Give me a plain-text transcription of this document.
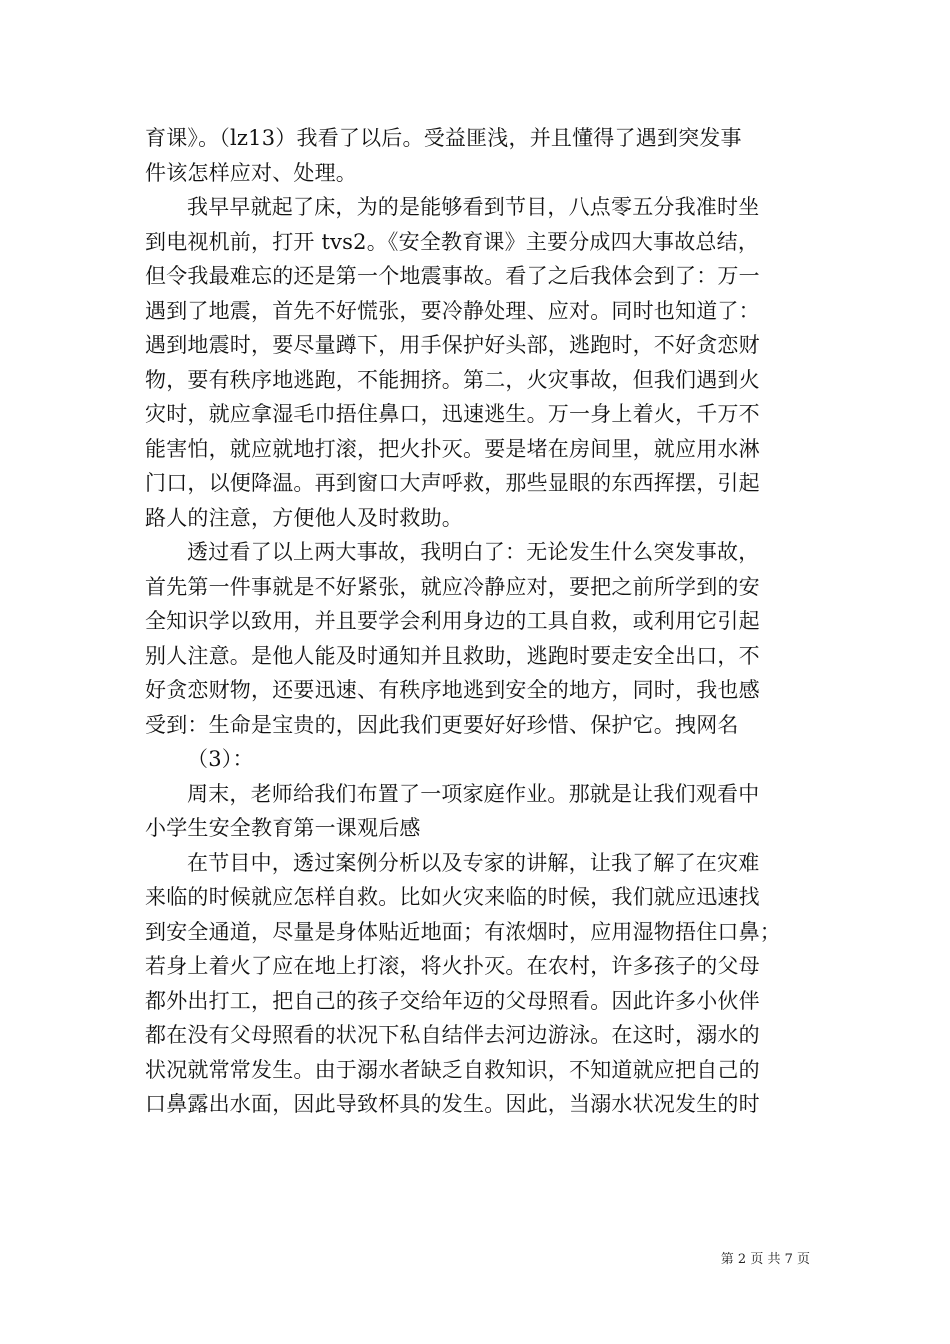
育课》。（lz13）我看了以后。受益匪浅，并且懂得了遇到突发事
件该怎样应对、处理。
我早早就起了床，为的是能够看到节目，八点零五分我准时坐
到电视机前，打开 tvs2。《安全教育课》主要分成四大事故总结，
但令我最难忘的还是第一个地震事故。看了之后我体会到了：万一
遇到了地震，首先不好慌张，要冷静处理、应对。同时也知道了：
遇到地震时，要尽量蹲下，用手保护好头部，逃跑时，不好贪恋财
物，要有秩序地逃跑，不能拥挤。第二，火灾事故，但我们遇到火
灾时，就应拿湿毛巾捂住鼻口，迅速逃生。万一身上着火，千万不
能害怕，就应就地打滚，把火扑灭。要是堵在房间里，就应用水淋
门口，以便降温。再到窗口大声呼救，那些显眼的东西挥摆，引起
路人的注意，方便他人及时救助。
透过看了以上两大事故，我明白了：无论发生什么突发事故，
首先第一件事就是不好紧张，就应冷静应对，要把之前所学到的安
全知识学以致用，并且要学会利用身边的工具自救，或利用它引起
别人注意。是他人能及时通知并且救助，逃跑时要走安全出口，不
好贪恋财物，还要迅速、有秩序地逃到安全的地方，同时，我也感
受到：生命是宝贵的，因此我们更要好好珍惜、保护它。拽网名
（3）：
周末，老师给我们布置了一项家庭作业。那就是让我们观看中
小学生安全教育第一课观后感
在节目中，透过案例分析以及专家的讲解，让我了解了在灾难
来临的时候就应怎样自救。比如火灾来临的时候，我们就应迅速找
到安全通道，尽量是身体贴近地面；有浓烟时，应用湿物捂住口鼻；
若身上着火了应在地上打滚，将火扑灭。在农村，许多孩子的父母
都外出打工，把自己的孩子交给年迈的父母照看。因此许多小伙伴
都在没有父母照看的状况下私自结伴去河边游泳。在这时，溺水的
状况就常常发生。由于溺水者缺乏自救知识，不知道就应把自己的
口鼻露出水面，因此导致杯具的发生。因此，当溺水状况发生的时
第 2 页 共 7 页
